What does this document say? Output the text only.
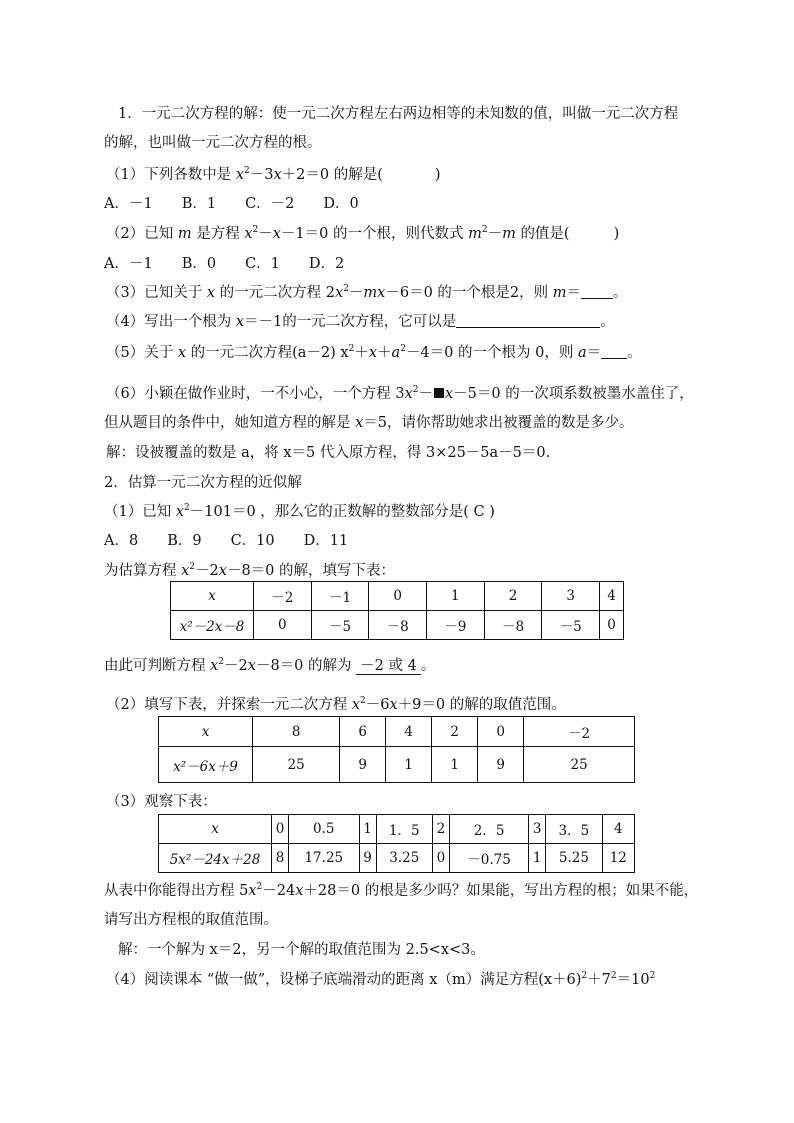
1．一元二次方程的解：使一元二次方程左右两边相等的未知数的值，叫做一元二次方程
的解，也叫做一元二次方程的根。
（1）下列各数中是 $x^2-3x+2=0$ 的解是(	)
A．－1　　B．1　　C．－2　　D．0
（2）已知 m 是方程 $x^2-x-1=0$ 的一个根，则代数式 $m^2-m$ 的值是(	)
A．－1　　B．0　　C．1　　D．2
（3）已知关于 x 的一元二次方程 $2x^2-mx-6=0$ 的一个根是2，则 m＝ 。
（4）写出一个根为 x＝－1的一元二次方程，它可以是	。
（5）关于 x 的一元二次方程(a－2) $x^2+x+a^2-4=0$ 的一个根为 0，则 a＝ 。
（6）小颖在做作业时，一不小心，一个方程 $3x^2- x-5=0$ 的一次项系数被墨水盖住了，
但从题目的条件中，她知道方程的解是 x＝5，请你帮助她求出被覆盖的数是多少。
解：设被覆盖的数是 a，将 x＝5 代入原方程，得 3×25－5a－5＝0.
2．估算一元二次方程的近似解
（1）已知 $x^2-101=0$ ，那么它的正数解的整数部分是( C )
A．8　　B．9　　C．10　　D．11
为估算方程 $x^2-2x-8=0$ 的解，填写下表：
x	－2	－1	0	1	2	3	4
x²－2x－8	0	－5	－8	－9	－8	－5	0
由此可判断方程 $x^2-2x-8=0$ 的解为 －2 或 4 。
（2）填写下表，并探索一元二次方程 $x^2-6x+9=0$ 的解的取值范围。
x	8	6	4	2	0	－2
x²－6x＋9	25	9	1	1	9	25
（3）观察下表：
x	0	0.5	1	1．5	2	2．5	3	3．5	4
5x²－24x＋28	8	17.25	9	3.25	0	－0.75	1	5.25	12
从表中你能得出方程 $5x^2-24x+28=0$ 的根是多少吗？如果能，写出方程的根；如果不能，
请写出方程根的取值范围。
解：一个解为 x＝2，另一个解的取值范围为 2.5<x<3。
（4）阅读课本 “做一做”，设梯子底端滑动的距离 x（m）满足方程$(x+6)^2+7^2=10^2$
